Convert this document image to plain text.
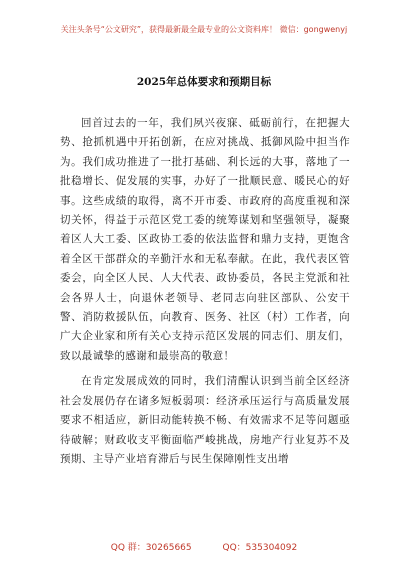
关注头条号“公文研究”，获得最新最全最专业的公文资料库！ 微信：gongwenyj
2025年总体要求和预期目标

回首过去的一年，我们夙兴夜寐、砥砺前行，在把握大势、抢抓机遇中开拓创新，在应对挑战、抵御风险中担当作为。我们成功推进了一批打基础、利长远的大事，落地了一批稳增长、促发展的实事，办好了一批顺民意、暖民心的好事。这些成绩的取得，离不开市委、市政府的高度重视和深切关怀，得益于示范区党工委的统筹谋划和坚强领导，凝聚着区人大工委、区政协工委的依法监督和鼎力支持，更饱含着全区干部群众的辛勤汗水和无私奉献。在此，我代表区管委会，向全区人民、人大代表、政协委员，各民主党派和社会各界人士，向退休老领导、老同志向驻区部队、公安干警、消防救援队伍，向教育、医务、社区（村）工作者，向广大企业家和所有关心支持示范区发展的同志们、朋友们，致以最诚挚的感谢和最崇高的敬意！

在肯定发展成效的同时，我们清醒认识到当前全区经济社会发展仍存在诸多短板弱项：经济承压运行与高质量发展要求不相适应，新旧动能转换不畅、有效需求不足等问题亟待破解；财政收支平衡面临严峻挑战，房地产行业复苏不及预期、主导产业培育滞后与民生保障刚性支出增

QQ 群：30265665	QQ：535304092
